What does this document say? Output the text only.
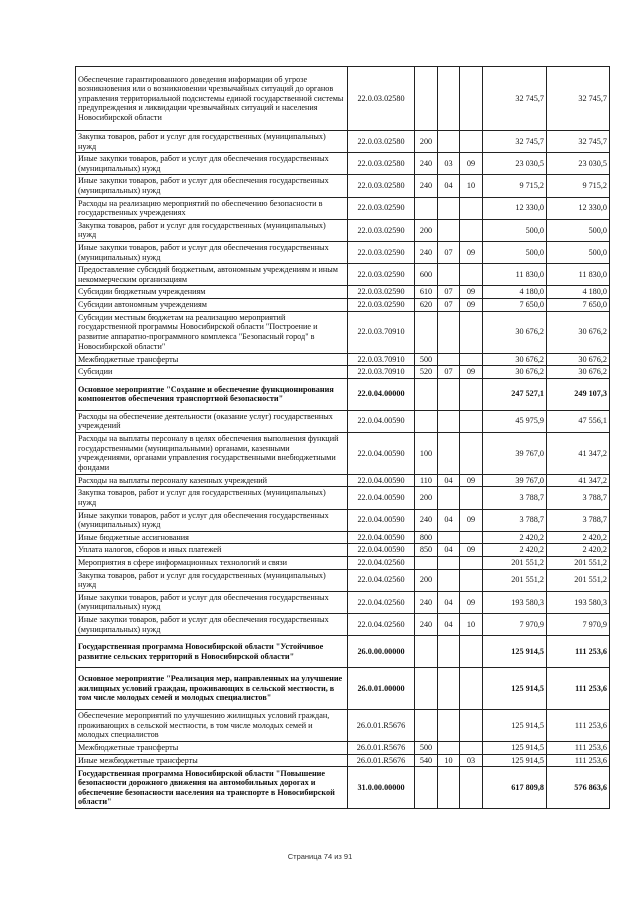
Обеспечение гарантированного доведения информации об угрозе возникновения или о возникновении чрезвычайных ситуаций до органов управления территориальной подсистемы единой государственной системы предупреждения и ликвидации чрезвычайных ситуаций и населения Новосибирской области	22.0.03.02580				32 745,7	32 745,7
Закупка товаров, работ и услуг для государственных (муниципальных) нужд	22.0.03.02580	200			32 745,7	32 745,7
Иные закупки товаров, работ и услуг для обеспечения государственных (муниципальных) нужд	22.0.03.02580	240	03	09	23 030,5	23 030,5
Иные закупки товаров, работ и услуг для обеспечения государственных (муниципальных) нужд	22.0.03.02580	240	04	10	9 715,2	9 715,2
Расходы на реализацию мероприятий по обеспечению безопасности в государственных учреждениях	22.0.03.02590				12 330,0	12 330,0
Закупка товаров, работ и услуг для государственных (муниципальных) нужд	22.0.03.02590	200			500,0	500,0
Иные закупки товаров, работ и услуг для обеспечения государственных (муниципальных) нужд	22.0.03.02590	240	07	09	500,0	500,0
Предоставление субсидий бюджетным, автономным учреждениям и иным некоммерческим организациям	22.0.03.02590	600			11 830,0	11 830,0
Субсидии бюджетным учреждениям	22.0.03.02590	610	07	09	4 180,0	4 180,0
Субсидии автономным учреждениям	22.0.03.02590	620	07	09	7 650,0	7 650,0
Субсидии местным бюджетам на реализацию мероприятий государственной программы Новосибирской области "Построение и развитие аппаратно-программного комплекса "Безопасный город" в Новосибирской области"	22.0.03.70910				30 676,2	30 676,2
Межбюджетные трансферты	22.0.03.70910	500			30 676,2	30 676,2
Субсидии	22.0.03.70910	520	07	09	30 676,2	30 676,2
Основное мероприятие "Создание и обеспечение функционирования компонентов обеспечения транспортной безопасности"	22.0.04.00000				247 527,1	249 107,3
Расходы на обеспечение деятельности (оказание услуг) государственных учреждений	22.0.04.00590				45 975,9	47 556,1
Расходы на выплаты персоналу в целях обеспечения выполнения функций государственными (муниципальными) органами, казенными учреждениями, органами управления государственными внебюджетными фондами	22.0.04.00590	100			39 767,0	41 347,2
Расходы на выплаты персоналу казенных учреждений	22.0.04.00590	110	04	09	39 767,0	41 347,2
Закупка товаров, работ и услуг для государственных (муниципальных) нужд	22.0.04.00590	200			3 788,7	3 788,7
Иные закупки товаров, работ и услуг для обеспечения государственных (муниципальных) нужд	22.0.04.00590	240	04	09	3 788,7	3 788,7
Иные бюджетные ассигнования	22.0.04.00590	800			2 420,2	2 420,2
Уплата налогов, сборов и иных платежей	22.0.04.00590	850	04	09	2 420,2	2 420,2
Мероприятия в сфере информационных технологий и связи	22.0.04.02560				201 551,2	201 551,2
Закупка товаров, работ и услуг для государственных (муниципальных) нужд	22.0.04.02560	200			201 551,2	201 551,2
Иные закупки товаров, работ и услуг для обеспечения государственных (муниципальных) нужд	22.0.04.02560	240	04	09	193 580,3	193 580,3
Иные закупки товаров, работ и услуг для обеспечения государственных (муниципальных) нужд	22.0.04.02560	240	04	10	7 970,9	7 970,9
Государственная программа Новосибирской области "Устойчивое развитие сельских территорий в Новосибирской области"	26.0.00.00000				125 914,5	111 253,6
Основное мероприятие "Реализация мер, направленных на улучшение жилищных условий граждан, проживающих в сельской местности, в том числе молодых семей и молодых специалистов"	26.0.01.00000				125 914,5	111 253,6
Обеспечение мероприятий по улучшению жилищных условий граждан, проживающих в сельской местности, в том числе молодых семей и молодых специалистов	26.0.01.R5676				125 914,5	111 253,6
Межбюджетные трансферты	26.0.01.R5676	500			125 914,5	111 253,6
Иные межбюджетные трансферты	26.0.01.R5676	540	10	03	125 914,5	111 253,6
Государственная программа Новосибирской области "Повышение безопасности дорожного движения на автомобильных дорогах и обеспечение безопасности населения на транспорте в Новосибирской области"	31.0.00.00000				617 809,8	576 863,6
Страница 74 из 91
